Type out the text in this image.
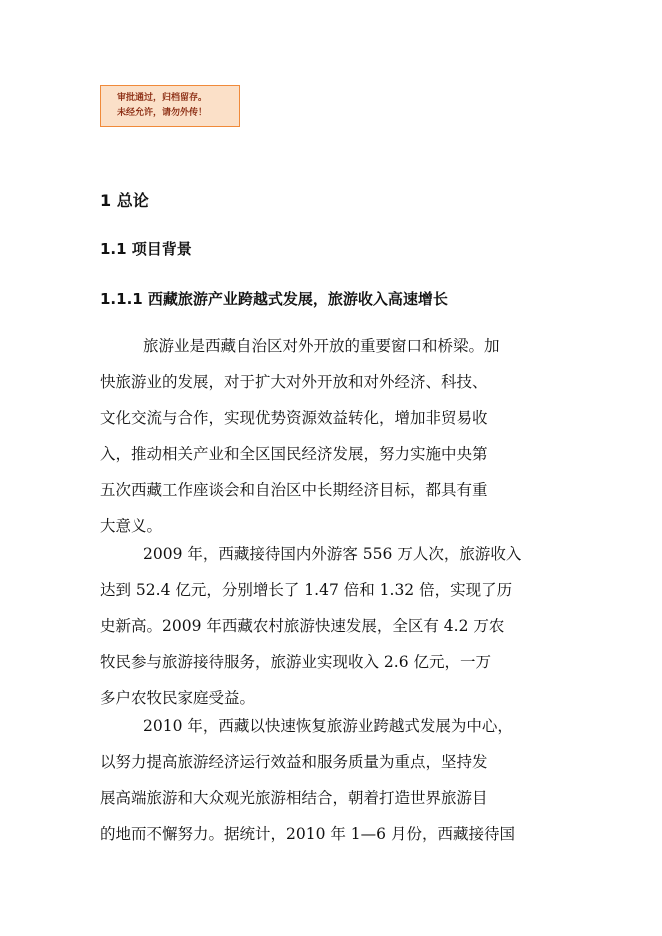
审批通过，归档留存。
未经允许，请勿外传！
1 总论
1.1 项目背景
1.1.1 西藏旅游产业跨越式发展，旅游收入高速增长
旅游业是西藏自治区对外开放的重要窗口和桥梁。加
快旅游业的发展，对于扩大对外开放和对外经济、科技、
文化交流与合作，实现优势资源效益转化，增加非贸易收
入，推动相关产业和全区国民经济发展，努力实施中央第
五次西藏工作座谈会和自治区中长期经济目标，都具有重
大意义。
2009 年，西藏接待国内外游客 556 万人次，旅游收入
达到 52.4 亿元，分别增长了 1.47 倍和 1.32 倍，实现了历
史新高。2009 年西藏农村旅游快速发展，全区有 4.2 万农
牧民参与旅游接待服务，旅游业实现收入 2.6 亿元，一万
多户农牧民家庭受益。
2010 年，西藏以快速恢复旅游业跨越式发展为中心，
以努力提高旅游经济运行效益和服务质量为重点，坚持发
展高端旅游和大众观光旅游相结合，朝着打造世界旅游目
的地而不懈努力。据统计，2010 年 1—6 月份，西藏接待国
